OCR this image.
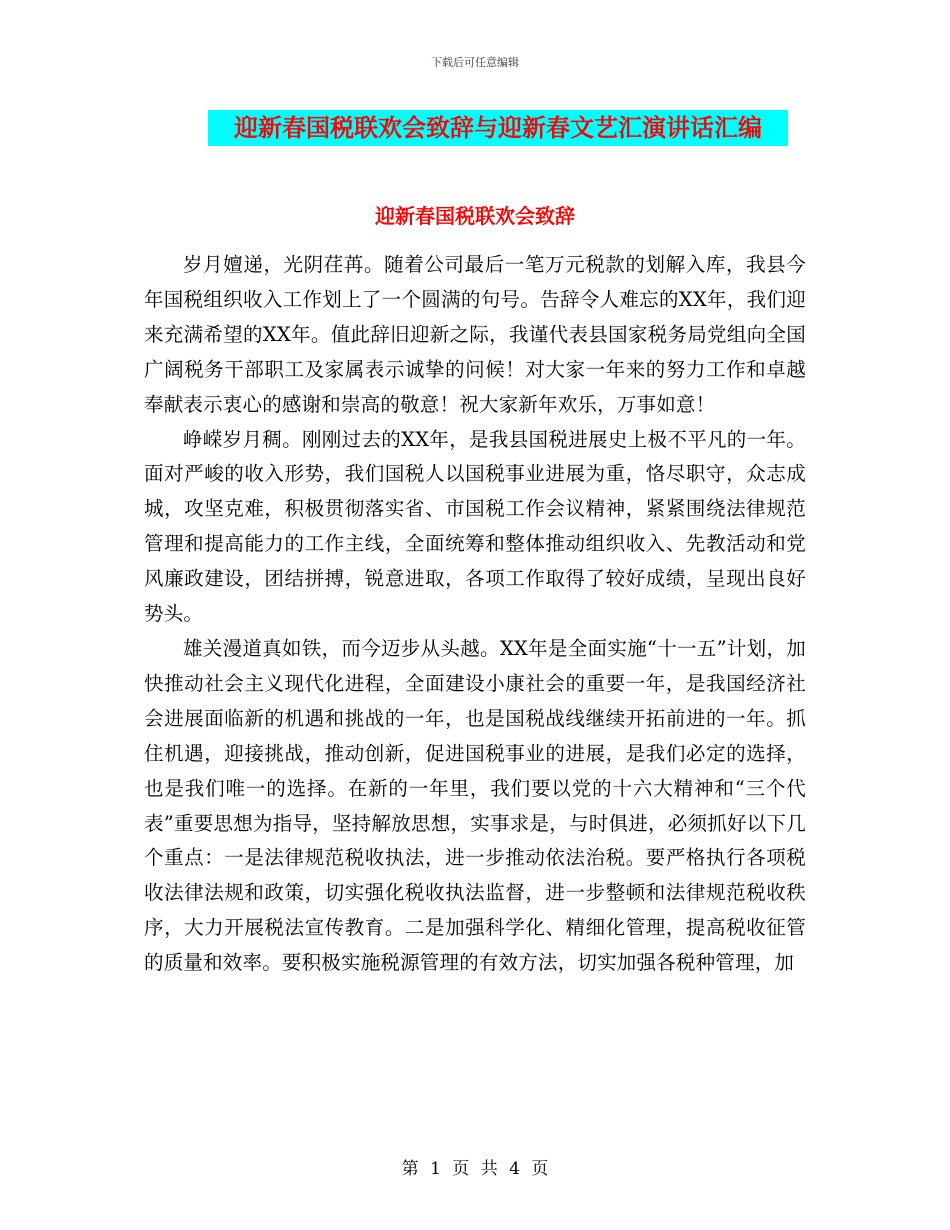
下载后可任意编辑
迎新春国税联欢会致辞与迎新春文艺汇演讲话汇编
迎新春国税联欢会致辞

岁月嬗递，光阴荏苒。随着公司最后一笔万元税款的划解入库，我县今年国税组织收入工作划上了一个圆满的句号。告辞令人难忘的XX年，我们迎来充满希望的XX年。值此辞旧迎新之际，我谨代表县国家税务局党组向全国广阔税务干部职工及家属表示诚挚的问候！对大家一年来的努力工作和卓越奉献表示衷心的感谢和崇高的敬意！祝大家新年欢乐，万事如意！

峥嵘岁月稠。刚刚过去的XX年，是我县国税进展史上极不平凡的一年。面对严峻的收入形势，我们国税人以国税事业进展为重，恪尽职守，众志成城，攻坚克难，积极贯彻落实省、市国税工作会议精神，紧紧围绕法律规范管理和提高能力的工作主线，全面统筹和整体推动组织收入、先教活动和党风廉政建设，团结拼搏，锐意进取，各项工作取得了较好成绩，呈现出良好势头。

雄关漫道真如铁，而今迈步从头越。XX年是全面实施“十一五”计划，加快推动社会主义现代化进程，全面建设小康社会的重要一年，是我国经济社会进展面临新的机遇和挑战的一年，也是国税战线继续开拓前进的一年。抓住机遇，迎接挑战，推动创新，促进国税事业的进展，是我们必定的选择，也是我们唯一的选择。在新的一年里，我们要以党的十六大精神和“三个代表”重要思想为指导，坚持解放思想，实事求是，与时俱进，必须抓好以下几个重点：一是法律规范税收执法，进一步推动依法治税。要严格执行各项税收法律法规和政策，切实强化税收执法监督，进一步整顿和法律规范税收秩序，大力开展税法宣传教育。二是加强科学化、精细化管理，提高税收征管的质量和效率。要积极实施税源管理的有效方法，切实加强各税种管理，加

第 1 页 共 4 页
